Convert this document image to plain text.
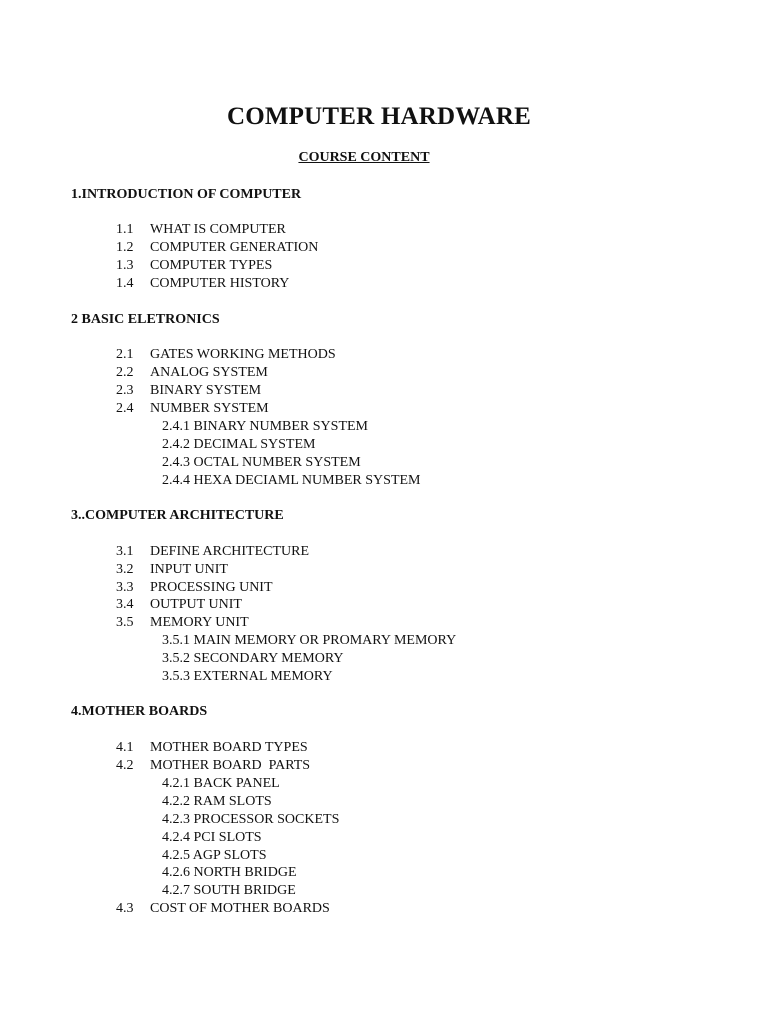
COMPUTER HARDWARE
COURSE CONTENT
1.INTRODUCTION OF COMPUTER
1.1 WHAT IS COMPUTER
1.2 COMPUTER GENERATION
1.3 COMPUTER TYPES
1.4 COMPUTER HISTORY
2 BASIC ELETRONICS
2.1 GATES WORKING METHODS
2.2 ANALOG SYSTEM
2.3 BINARY SYSTEM
2.4 NUMBER SYSTEM
2.4.1 BINARY NUMBER SYSTEM
2.4.2 DECIMAL SYSTEM
2.4.3 OCTAL NUMBER SYSTEM
2.4.4 HEXA DECIAML NUMBER SYSTEM
3..COMPUTER ARCHITECTURE
3.1 DEFINE ARCHITECTURE
3.2 INPUT UNIT
3.3 PROCESSING UNIT
3.4 OUTPUT UNIT
3.5 MEMORY UNIT
3.5.1 MAIN MEMORY OR PROMARY MEMORY
3.5.2 SECONDARY MEMORY
3.5.3 EXTERNAL MEMORY
4.MOTHER BOARDS
4.1 MOTHER BOARD TYPES
4.2 MOTHER BOARD  PARTS
4.2.1 BACK PANEL
4.2.2 RAM SLOTS
4.2.3 PROCESSOR SOCKETS
4.2.4 PCI SLOTS
4.2.5 AGP SLOTS
4.2.6 NORTH BRIDGE
4.2.7 SOUTH BRIDGE
4.3 COST OF MOTHER BOARDS
